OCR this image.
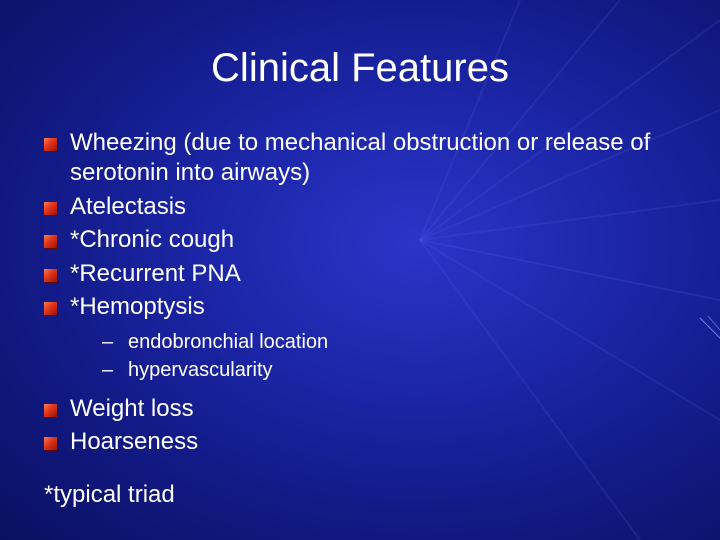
Clinical Features
Wheezing (due to mechanical obstruction or release of serotonin into airways)
Atelectasis
*Chronic cough
*Recurrent PNA
*Hemoptysis
– endobronchial location
– hypervascularity
Weight loss
Hoarseness

*typical triad
